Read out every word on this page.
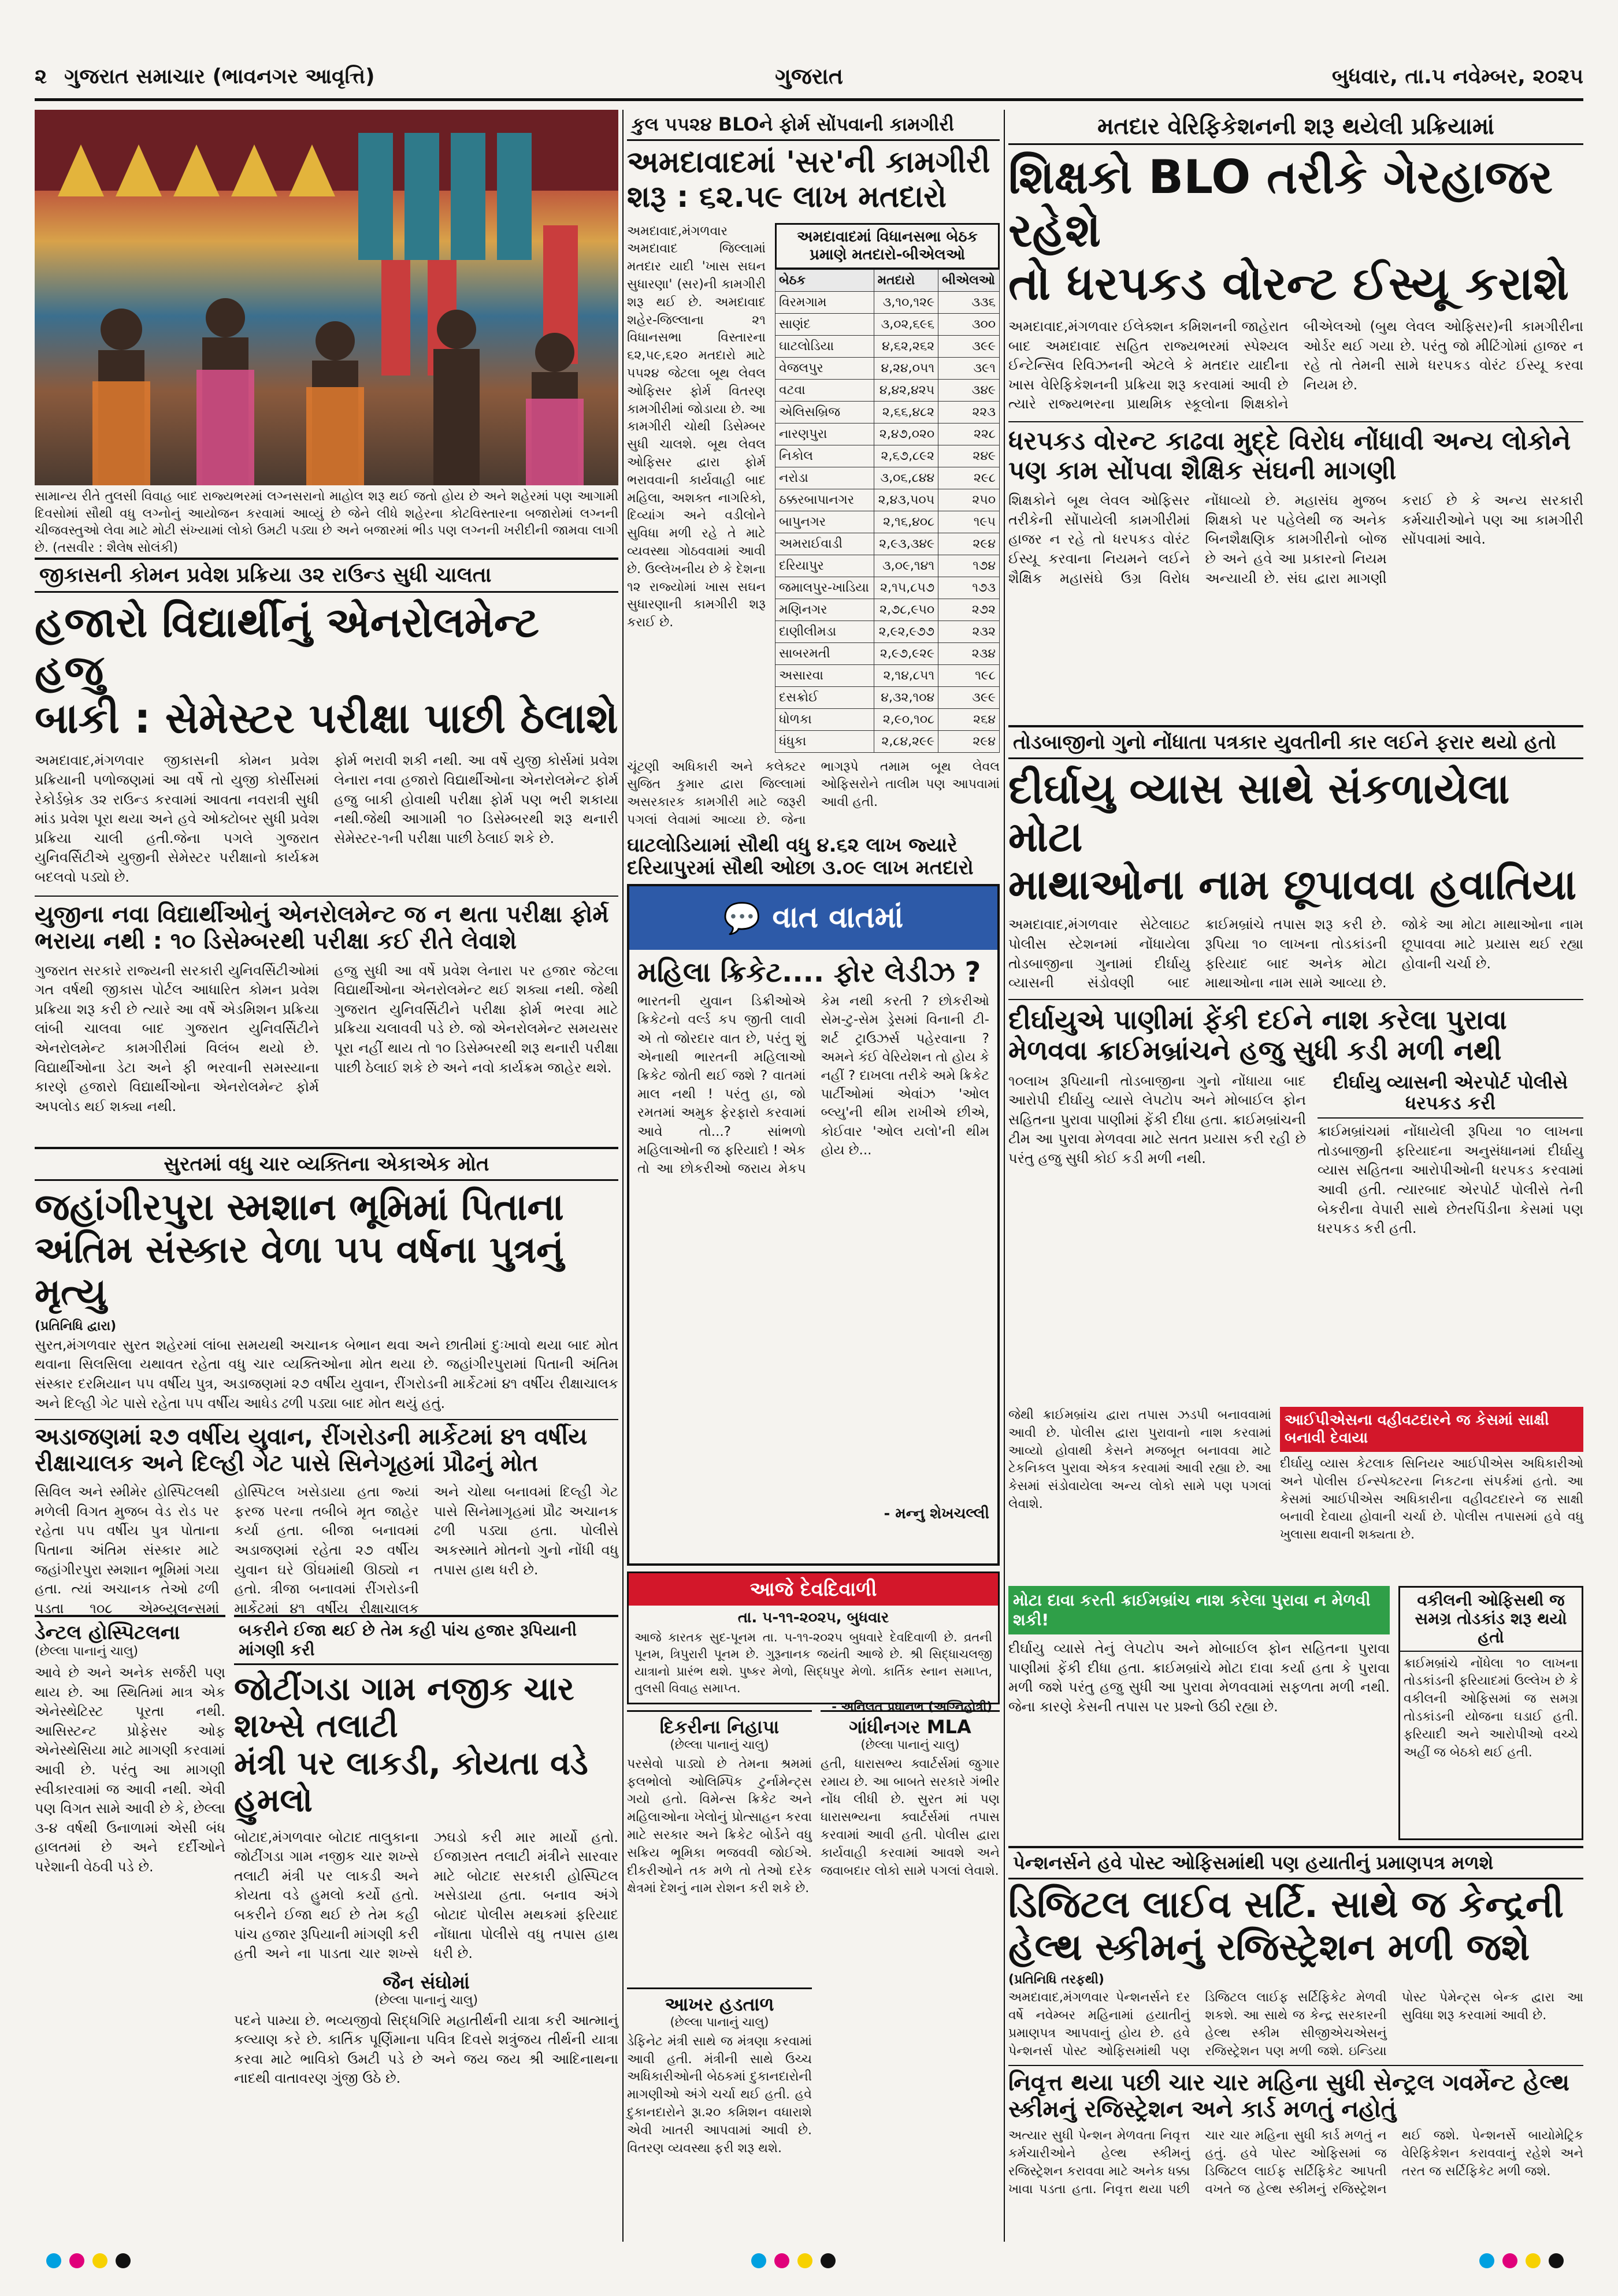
૨ ગુજરાત સમાચાર (ભાવનગર આવૃત્તિ)	ગુજરાત	બુધવાર, તા.૫ નવેમ્બર, ૨૦૨૫
સામાન્ય રીતે તુલસી વિવાહ બાદ રાજ્યભરમાં લગ્નસરાનો માહોલ શરૂ થઈ જતો હોય છે અને શહેરમાં પણ આગામી દિવસોમાં સૌથી વધુ લગ્નોનું આયોજન કરવામાં આવ્યું છે જેને લીધે શહેરના કોટવિસ્તારના બજારોમાં લગ્નની ચીજવસ્તુઓ લેવા માટે મોટી સંખ્યામાં લોકો ઉમટી પડ્યા છે અને બજારમાં ભીડ પણ લગ્નની ખરીદીની જામવા લાગી છે. (તસવીર : શૈલેષ સોલંકી)
જીકાસની કોમન પ્રવેશ પ્રક્રિયા ૩૨ રાઉન્ડ સુધી ચાલતા
હજારો વિદ્યાર્થીનું એનરોલમેન્ટ હજુ
બાકી : સેમેસ્ટર પરીક્ષા પાછી ઠેલાશે
અમદાવાદ,મંગળવાર જીકાસની કોમન પ્રવેશ પ્રક્રિયાની પળોજણમાં આ વર્ષે તો યુજી કોર્સીસમાં રેકોર્ડબ્રેક ૩૨ રાઉન્ડ કરવામાં આવતા નવરાત્રી સુધી માંડ પ્રવેશ પૂરા થયા અને હવે ઓક્ટોબર સુધી પ્રવેશ પ્રક્રિયા ચાલી હતી.જેના પગલે ગુજરાત યુનિવર્સિટીએ યુજીની સેમેસ્ટર પરીક્ષાનો કાર્યક્રમ બદલવો પડ્યો છે.
ફોર્મ ભરાવી શકી નથી. આ વર્ષે યુજી કોર્સમાં પ્રવેશ લેનારા નવા હજારો વિદ્યાર્થીઓના એનરોલમેન્ટ ફોર્મ હજુ બાકી હોવાથી પરીક્ષા ફોર્મ પણ ભરી શકાયા નથી.જેથી આગામી ૧૦ ડિસેમ્બરથી શરૂ થનારી સેમેસ્ટર-૧ની પરીક્ષા પાછી ઠેલાઈ શકે છે.
યુજીના નવા વિદ્યાર્થીઓનું એનરોલમેન્ટ જ ન થતા પરીક્ષા ફોર્મ ભરાયા નથી : ૧૦ ડિસેમ્બરથી પરીક્ષા કઈ રીતે લેવાશે
ગુજરાત સરકારે રાજ્યની સરકારી યુનિવર્સિટીઓમાં ગત વર્ષથી જીકાસ પોર્ટલ આધારિત કોમન પ્રવેશ પ્રક્રિયા શરૂ કરી છે ત્યારે આ વર્ષે એડમિશન પ્રક્રિયા લાંબી ચાલવા બાદ ગુજરાત યુનિવર્સિટીને એનરોલમેન્ટ કામગીરીમાં વિલંબ થયો છે. વિદ્યાર્થીઓના ડેટા અને ફી ભરવાની સમસ્યાના કારણે હજારો વિદ્યાર્થીઓના એનરોલમેન્ટ ફોર્મ અપલોડ થઈ શક્યા નથી.
હજુ સુધી આ વર્ષે પ્રવેશ લેનારા પર હજાર જેટલા વિદ્યાર્થીઓના એનરોલમેન્ટ થઈ શક્યા નથી. જેથી ગુજરાત યુનિવર્સિટીને પરીક્ષા ફોર્મ ભરવા માટે પ્રક્રિયા ચલાવવી પડે છે. જો એનરોલમેન્ટ સમયસર પૂરા નહીં થાય તો ૧૦ ડિસેમ્બરથી શરૂ થનારી પરીક્ષા પાછી ઠેલાઈ શકે છે અને નવો કાર્યક્રમ જાહેર થશે.
સુરતમાં વધુ ચાર વ્યક્તિના એકાએક મોત
જહાંગીરપુરા સ્મશાન ભૂમિમાં પિતાના
અંતિમ સંસ્કાર વેળા ૫૫ વર્ષના પુત્રનું મૃત્યુ
(પ્રતિનિધિ દ્વારા)
સુરત,મંગળવાર સુરત શહેરમાં લાંબા સમયથી અચાનક બેભાન થવા અને છાતીમાં દુઃખાવો થયા બાદ મોત થવાના સિલસિલા યથાવત રહેતા વધુ ચાર વ્યક્તિઓના મોત થયા છે. જહાંગીરપુરામાં પિતાની અંતિમ સંસ્કાર દરમિયાન ૫૫ વર્ષીય પુત્ર, અડાજણમાં ૨૭ વર્ષીય યુવાન, રીંગરોડની માર્કેટમાં ૪૧ વર્ષીય રીક્ષાચાલક અને દિલ્હી ગેટ પાસે રહેતા ૫૫ વર્ષીય આધેડ ઢળી પડ્યા બાદ મોત થયું હતું.
અડાજણમાં ૨૭ વર્ષીય યુવાન, રીંગરોડની માર્કેટમાં ૪૧ વર્ષીય રીક્ષાચાલક અને દિલ્હી ગેટ પાસે સિનેગૃહમાં પ્રૌઢનું મોત
સિવિલ અને સ્મીમેર હોસ્પિટલથી મળેલી વિગત મુજબ વેડ રોડ પર રહેતા ૫૫ વર્ષીય પુત્ર પોતાના પિતાના અંતિમ સંસ્કાર માટે જહાંગીરપુરા સ્મશાન ભૂમિમાં ગયા હતા. ત્યાં અચાનક તેઓ ઢળી પડતા ૧૦૮ એમ્બ્યુલન્સમાં હોસ્પિટલ ખસેડાયા હતા જ્યાં ફરજ પરના તબીબે મૃત જાહેર કર્યા હતા. બીજા બનાવમાં અડાજણમાં રહેતા ૨૭ વર્ષીય યુવાન ઘરે ઊંઘમાંથી ઊઠ્યો ન હતો. ત્રીજા બનાવમાં રીંગરોડની માર્કેટમાં ૪૧ વર્ષીય રીક્ષાચાલક અને ચોથા બનાવમાં દિલ્હી ગેટ પાસે સિનેમાગૃહમાં પ્રૌઢ અચાનક ઢળી પડ્યા હતા. પોલીસે અકસ્માતે મોતનો ગુનો નોંધી વધુ તપાસ હાથ ધરી છે.
ડેન્ટલ હોસ્પિટલના
(છેલ્લા પાનાનું ચાલુ)
આવે છે અને અનેક સર્જરી પણ થાય છે. આ સ્થિતિમાં માત્ર એક એનેસ્થેટિસ્ટ પૂરતા નથી. આસિસ્ટન્ટ પ્રોફેસર ઓફ એનેસ્થેસિયા માટે માગણી કરવામાં આવી છે. પરંતુ આ માગણી સ્વીકારવામાં જ આવી નથી. એવી પણ વિગત સામે આવી છે કે, છેલ્લા ૩-૪ વર્ષથી ઉનાળામાં એસી બંધ હાલતમાં છે અને દર્દીઓને પરેશાની વેઠવી પડે છે.
બકરીને ઈજા થઈ છે તેમ કહી પાંચ હજાર રૂપિયાની માંગણી કરી
જોટીંગડા ગામ નજીક ચાર શખ્સે તલાટી
મંત્રી પર લાકડી, કોયતા વડે હુમલો
બોટાદ,મંગળવાર બોટાદ તાલુકાના જોટીંગડા ગામ નજીક ચાર શખ્સે તલાટી મંત્રી પર લાકડી અને કોયતા વડે હુમલો કર્યો હતો. બકરીને ઈજા થઈ છે તેમ કહી પાંચ હજાર રૂપિયાની માંગણી કરી હતી અને ના પાડતા ચાર શખ્સે ઝઘડો કરી માર માર્યો હતો. ઈજાગ્રસ્ત તલાટી મંત્રીને સારવાર માટે બોટાદ સરકારી હોસ્પિટલ ખસેડાયા હતા. બનાવ અંગે બોટાદ પોલીસ મથકમાં ફરિયાદ નોંધાતા પોલીસે વધુ તપાસ હાથ ધરી છે.
જૈન સંઘોમાં
(છેલ્લા પાનાનું ચાલુ)
પદને પામ્યા છે. ભવ્યજીવો સિદ્ધગિરિ મહાતીર્થની યાત્રા કરી આત્માનું કલ્યાણ કરે છે. કાર્તિક પૂર્ણિમાના પવિત્ર દિવસે શત્રુંજય તીર્થની યાત્રા કરવા માટે ભાવિકો ઉમટી પડે છે અને જય જય શ્રી આદિનાથના નાદથી વાતાવરણ ગુંજી ઉઠે છે.
કુલ ૫૫૨૪ BLOને ફોર્મ સોંપવાની કામગીરી
અમદાવાદમાં 'સર'ની કામગીરી
શરૂ : ૬૨.૫૯ લાખ મતદારો
અમદાવાદ,મંગળવાર અમદાવાદ જિલ્લામાં મતદાર યાદી 'ખાસ સઘન સુધારણા' (સર)ની કામગીરી શરૂ થઈ છે. અમદાવાદ શહેર-જિલ્લાના ૨૧ વિધાનસભા વિસ્તારના ૬૨,૫૯,૬૨૦ મતદારો માટે ૫૫૨૪ જેટલા બૂથ લેવલ ઓફિસર ફોર્મ વિતરણ કામગીરીમાં જોડાયા છે. આ કામગીરી ચોથી ડિસેમ્બર સુધી ચાલશે. બૂથ લેવલ ઓફિસર દ્વારા ફોર્મ ભરાવવાની કાર્યવાહી બાદ મહિલા, અશક્ત નાગરિકો, દિવ્યાંગ અને વડીલોને સુવિધા મળી રહે તે માટે વ્યવસ્થા ગોઠવવામાં આવી છે. ઉલ્લેખનીય છે કે દેશના ૧૨ રાજ્યોમાં ખાસ સઘન સુધારણાની કામગીરી શરૂ કરાઈ છે.
અમદાવાદમાં વિધાનસભા બેઠક પ્રમાણે મતદારો-બીએલઓ
બેઠક	મતદારો	બીએલઓ
વિરમગામ	૩,૧૦,૧૨૯	૩૩૬
સાણંદ	૩,૦૨,૬૯૬	૩૦૦
ઘાટલોડિયા	૪,૬૨,૨૬૨	૩૯૯
વેજલપુર	૪,૨૪,૦૫૧	૩૯૧
વટવા	૪,૪૨,૪૨૫	૩૪૯
એલિસબ્રિજ	૨,૬૬,૪૮૨	૨૨૩
નારણપુરા	૨,૪૭,૦૨૦	૨૨૮
નિકોલ	૨,૬૭,૮૯૨	૨૪૯
નરોડા	૩,૦૬,૮૪૪	૨૯૮
ઠક્કરબાપાનગર	૨,૪૩,૫૦૫	૨૫૦
બાપુનગર	૨,૧૬,૪૦૮	૧૯૫
અમરાઈવાડી	૨,૯૩,૩૪૯	૨૯૪
દરિયાપુર	૩,૦૯,૧૪૧	૧૭૪
જમાલપુર-ખાડિયા	૨,૧૫,૮૫૭	૧૭૩
મણિનગર	૨,૭૮,૯૫૦	૨૭૨
દાણીલીમડા	૨,૯૨,૯૭૭	૨૩૨
સાબરમતી	૨,૯૭,૯૨૯	૨૩૪
અસારવા	૨,૧૪,૮૫૧	૧૯૮
દસક્રોઈ	૪,૩૨,૧૦૪	૩૯૯
ધોળકા	૨,૯૦,૧૦૮	૨૬૪
ધંધુકા	૨,૮૪,૨૯૯	૨૯૪
ચૂંટણી અધિકારી અને કલેક્ટર સુજિત કુમાર દ્વારા જિલ્લામાં અસરકારક કામગીરી માટે જરૂરી પગલાં લેવામાં આવ્યા છે. જેના ભાગરૂપે તમામ બૂથ લેવલ ઓફિસરોને તાલીમ પણ આપવામાં આવી હતી.
ઘાટલોડિયામાં સૌથી વધુ ૪.૬૨ લાખ જ્યારે દરિયાપુરમાં સૌથી ઓછા ૩.૦૯ લાખ મતદારો
💬 વાત વાતમાં
મહિલા ક્રિકેટ.... ફોર લેડીઝ ?
ભારતની યુવાન ડિક્રીઓએ ક્રિકેટનો વર્લ્ડ કપ જીતી લાવી એ તો જોરદાર વાત છે, પરંતુ શું એનાથી ભારતની મહિલાઓ ક્રિકેટ જોતી થઈ જશે ? વાતમાં માલ નથી ! પરંતુ હા, જો રમતમાં અમુક ફેરફારો કરવામાં આવે તો...? સાંભળો મહિલાઓની જ ફરિયાદો ! એક તો આ છોકરીઓ જરાય મેકપ કેમ નથી કરતી ? છોકરીઓ સેમ-ટુ-સેમ ડ્રેસમાં વિનાની ટી-શર્ટ ટ્રાઉઝર્સ પહેરવાના ? અમને કંઈ વેરિયેશન તો હોય કે નહીં ? દાખલા તરીકે અમે ક્રિકેટ પાર્ટીઓમાં એવાંઝ 'ઓલ બ્લ્યુ'ની થીમ રાખીએ છીએ, કોઈવાર 'ઓલ યલો'ની થીમ હોય છે...
- મન્નુ શેખચલ્લી
આજે દેવદિવાળી
તા. ૫-૧૧-૨૦૨૫, બુધવાર
આજે કારતક સુદ-પૂનમ તા. ૫-૧૧-૨૦૨૫ બુધવારે દેવદિવાળી છે. વ્રતની પૂનમ, ત્રિપુરારી પૂનમ છે. ગુરૂનાનક જયંતી આજે છે. શ્રી સિદ્ધાચલજી યાત્રાનો પ્રારંભ થશે. પુષ્કર મેળો, સિદ્ધપુર મેળો. કાર્તિક સ્નાન સમાપ્ત, તુલસી વિવાહ સમાપ્ત.
- અનિલત પ્રધાનભ (અગ્નિહોત્રી)
દિકરીના નિહાપા
(છેલ્લા પાનાનું ચાલુ)
પરસેવો પાડ્યો છે તેમના શ્રમમાં ફલભોલો ઓલિમ્પિક ટુર્નામેન્ટ્સ ગયો હતો. વિમેન્સ ક્રિકેટ અને મહિલાઓના ખેલોનું પ્રોત્સાહન કરવા માટે સરકાર અને ક્રિકેટ બોર્ડને વધુ સક્રિય ભૂમિકા ભજવવી જોઈએ. દીકરીઓને તક મળે તો તેઓ દરેક ક્ષેત્રમાં દેશનું નામ રોશન કરી શકે છે.
આખર હડતાળ
(છેલ્લા પાનાનું ચાલુ)
ડેફિનેટ મંત્રી સાથે જ મંત્રણા કરવામાં આવી હતી. મંત્રીની સાથે ઉચ્ચ અધિકારીઓની બેઠકમાં દુકાનદારોની માગણીઓ અંગે ચર્ચા થઈ હતી. હવે દુકાનદારોને રૂા.૨૦ કમિશન વધારાશે એવી ખાતરી આપવામાં આવી છે. વિતરણ વ્યવસ્થા ફરી શરૂ થશે.
ગાંધીનગર MLA
(છેલ્લા પાનાનું ચાલુ)
હતી, ધારાસભ્ય ક્વાર્ટર્સમાં જુગાર રમાય છે. આ બાબતે સરકારે ગંભીર નોંધ લીધી છે. સુરત માં પણ ધારાસભ્યના ક્વાર્ટર્સમાં તપાસ કરવામાં આવી હતી. પોલીસ દ્વારા કાર્યવાહી કરવામાં આવશે અને જવાબદાર લોકો સામે પગલાં લેવાશે.
મતદાર વેરિફિકેશનની શરૂ થયેલી પ્રક્રિયામાં
શિક્ષકો BLO તરીકે ગેરહાજર રહેશે
તો ધરપકડ વોરન્ટ ઈસ્યૂ કરાશે
અમદાવાદ,મંગળવાર ઈલેક્શન કમિશનની જાહેરાત બાદ અમદાવાદ સહિત રાજ્યભરમાં સ્પેશ્યલ ઈન્ટેન્સિવ રિવિઝનની એટલે કે મતદાર યાદીના ખાસ વેરિફિકેશનની પ્રક્રિયા શરૂ કરવામાં આવી છે ત્યારે રાજ્યભરના પ્રાથમિક સ્કૂલોના શિક્ષકોને બીએલઓ (બુથ લેવલ ઓફિસર)ની કામગીરીના ઓર્ડર થઈ ગયા છે. પરંતુ જો મીટિંગોમાં હાજર ન રહે તો તેમની સામે ધરપકડ વોરંટ ઈસ્યૂ કરવા નિયમ છે.
ધરપકડ વોરન્ટ કાઢવા મુદ્દે વિરોધ નોંધાવી અન્ય લોકોને પણ કામ સોંપવા શૈક્ષિક સંઘની માગણી
શિક્ષકોને બૂથ લેવલ ઓફિસર તરીકેની સોંપાયેલી કામગીરીમાં હાજર ન રહે તો ધરપકડ વોરંટ ઈસ્યૂ કરવાના નિયમને લઈને શૈક્ષિક મહાસંઘે ઉગ્ર વિરોધ નોંધાવ્યો છે. મહાસંઘ મુજબ શિક્ષકો પર પહેલેથી જ અનેક બિનશૈક્ષણિક કામગીરીનો બોજ છે અને હવે આ પ્રકારનો નિયમ અન્યાયી છે. સંઘ દ્વારા માગણી કરાઈ છે કે અન્ય સરકારી કર્મચારીઓને પણ આ કામગીરી સોંપવામાં આવે.
તોડબાજીનો ગુનો નોંધાતા પત્રકાર યુવતીની કાર લઈને ફરાર થયો હતો
દીર્ઘાયુ વ્યાસ સાથે સંકળાયેલા મોટા
માથાઓના નામ છૂપાવવા હવાતિયા
અમદાવાદ,મંગળવાર સેટેલાઇટ પોલીસ સ્ટેશનમાં નોંધાયેલા તોડબાજીના ગુનામાં દીર્ઘાયુ વ્યાસની સંડોવણી બાદ ક્રાઈમબ્રાંચે તપાસ શરૂ કરી છે. રૂપિયા ૧૦ લાખના તોડકાંડની ફરિયાદ બાદ અનેક મોટા માથાઓના નામ સામે આવ્યા છે. જોકે આ મોટા માથાઓના નામ છૂપાવવા માટે પ્રયાસ થઈ રહ્યા હોવાની ચર્ચા છે.
દીર્ઘાયુએ પાણીમાં ફેંકી દઈને નાશ કરેલા પુરાવા મેળવવા ક્રાઈમબ્રાંચને હજુ સુધી કડી મળી નથી
૧૦લાખ રૂપિયાની તોડબાજીના ગુનો નોંધાયા બાદ આરોપી દીર્ઘાયુ વ્યાસે લેપટોપ અને મોબાઈલ ફોન સહિતના પુરાવા પાણીમાં ફેંકી દીધા હતા. ક્રાઈમબ્રાંચની ટીમ આ પુરાવા મેળવવા માટે સતત પ્રયાસ કરી રહી છે પરંતુ હજુ સુધી કોઈ કડી મળી નથી.
દીર્ઘાયુ વ્યાસની એરપોર્ટ પોલીસે ધરપકડ કરી
ક્રાઈમબ્રાંચમાં નોંધાયેલી રૂપિયા ૧૦ લાખના તોડબાજીની ફરિયાદના અનુસંધાનમાં દીર્ઘાયુ વ્યાસ સહિતના આરોપીઓની ધરપકડ કરવામાં આવી હતી. ત્યારબાદ એરપોર્ટ પોલીસે તેની બેકરીના વેપારી સાથે છેતરપિંડીના કેસમાં પણ ધરપકડ કરી હતી.
આઈપીએસના વહીવટદારને જ કેસમાં સાક્ષી બનાવી દેવાયા
દીર્ઘાયુ વ્યાસ કેટલાક સિનિયર આઈપીએસ અધિકારીઓ અને પોલીસ ઈન્સ્પેક્ટરના નિકટના સંપર્કમાં હતો. આ કેસમાં આઈપીએસ અધિકારીના વહીવટદારને જ સાક્ષી બનાવી દેવાયા હોવાની ચર્ચા છે. પોલીસ તપાસમાં હવે વધુ ખુલાસા થવાની શક્યતા છે.
જેથી ક્રાઈમબ્રાંચ દ્વારા તપાસ ઝડપી બનાવવામાં આવી છે. પોલીસ દ્વારા પુરાવાનો નાશ કરવામાં આવ્યો હોવાથી કેસને મજબૂત બનાવવા માટે ટેકનિકલ પુરાવા એકત્ર કરવામાં આવી રહ્યા છે. આ કેસમાં સંડોવાયેલા અન્ય લોકો સામે પણ પગલાં લેવાશે.
મોટા દાવા કરતી ક્રાઈમબ્રાંચ નાશ કરેલા પુરાવા ન મેળવી શકી!
દીર્ઘાયુ વ્યાસે તેનું લેપટોપ અને મોબાઈલ ફોન સહિતના પુરાવા પાણીમાં ફેંકી દીધા હતા. ક્રાઈમબ્રાંચે મોટા દાવા કર્યા હતા કે પુરાવા મળી જશે પરંતુ હજુ સુધી આ પુરાવા મેળવવામાં સફળતા મળી નથી. જેના કારણે કેસની તપાસ પર પ્રશ્નો ઉઠી રહ્યા છે.
વકીલની ઓફિસથી જ સમગ્ર તોડકાંડ શરૂ થયો હતો
ક્રાઈમબ્રાંચે નોંધેલા ૧૦ લાખના તોડકાંડની ફરિયાદમાં ઉલ્લેખ છે કે વકીલની ઓફિસમાં જ સમગ્ર તોડકાંડની યોજના ઘડાઈ હતી. ફરિયાદી અને આરોપીઓ વચ્ચે અહીં જ બેઠકો થઈ હતી.
પેન્શનર્સને હવે પોસ્ટ ઓફિસમાંથી પણ હયાતીનું પ્રમાણપત્ર મળશે
ડિજિટલ લાઈવ સર્ટિ. સાથે જ કેન્દ્રની
હેલ્થ સ્કીમનું રજિસ્ટ્રેશન મળી જશે
(પ્રતિનિધિ તરફથી)
અમદાવાદ,મંગળવાર પેન્શનર્સને દર વર્ષે નવેમ્બર મહિનામાં હયાતીનું પ્રમાણપત્ર આપવાનું હોય છે. હવે પેન્શનર્સ પોસ્ટ ઓફિસમાંથી પણ ડિજિટલ લાઈફ સર્ટિફિકેટ મેળવી શકશે. આ સાથે જ કેન્દ્ર સરકારની હેલ્થ સ્કીમ સીજીએચએસનું રજિસ્ટ્રેશન પણ મળી જશે. ઇન્ડિયા પોસ્ટ પેમેન્ટ્સ બેન્ક દ્વારા આ સુવિધા શરૂ કરવામાં આવી છે.
નિવૃત્ત થયા પછી ચાર ચાર મહિના સુધી સેન્ટ્રલ ગવર્મેન્ટ હેલ્થ સ્કીમનું રજિસ્ટ્રેશન અને કાર્ડ મળતું નહોતું
અત્યાર સુધી પેન્શન મેળવતા નિવૃત્ત કર્મચારીઓને હેલ્થ સ્કીમનું રજિસ્ટ્રેશન કરાવવા માટે અનેક ધક્કા ખાવા પડતા હતા. નિવૃત્ત થયા પછી ચાર ચાર મહિના સુધી કાર્ડ મળતું ન હતું. હવે પોસ્ટ ઓફિસમાં જ ડિજિટલ લાઈફ સર્ટિફિકેટ આપતી વખતે જ હેલ્થ સ્કીમનું રજિસ્ટ્રેશન થઈ જશે. પેન્શનર્સે બાયોમેટ્રિક વેરિફિકેશન કરાવવાનું રહેશે અને તરત જ સર્ટિફિકેટ મળી જશે.
